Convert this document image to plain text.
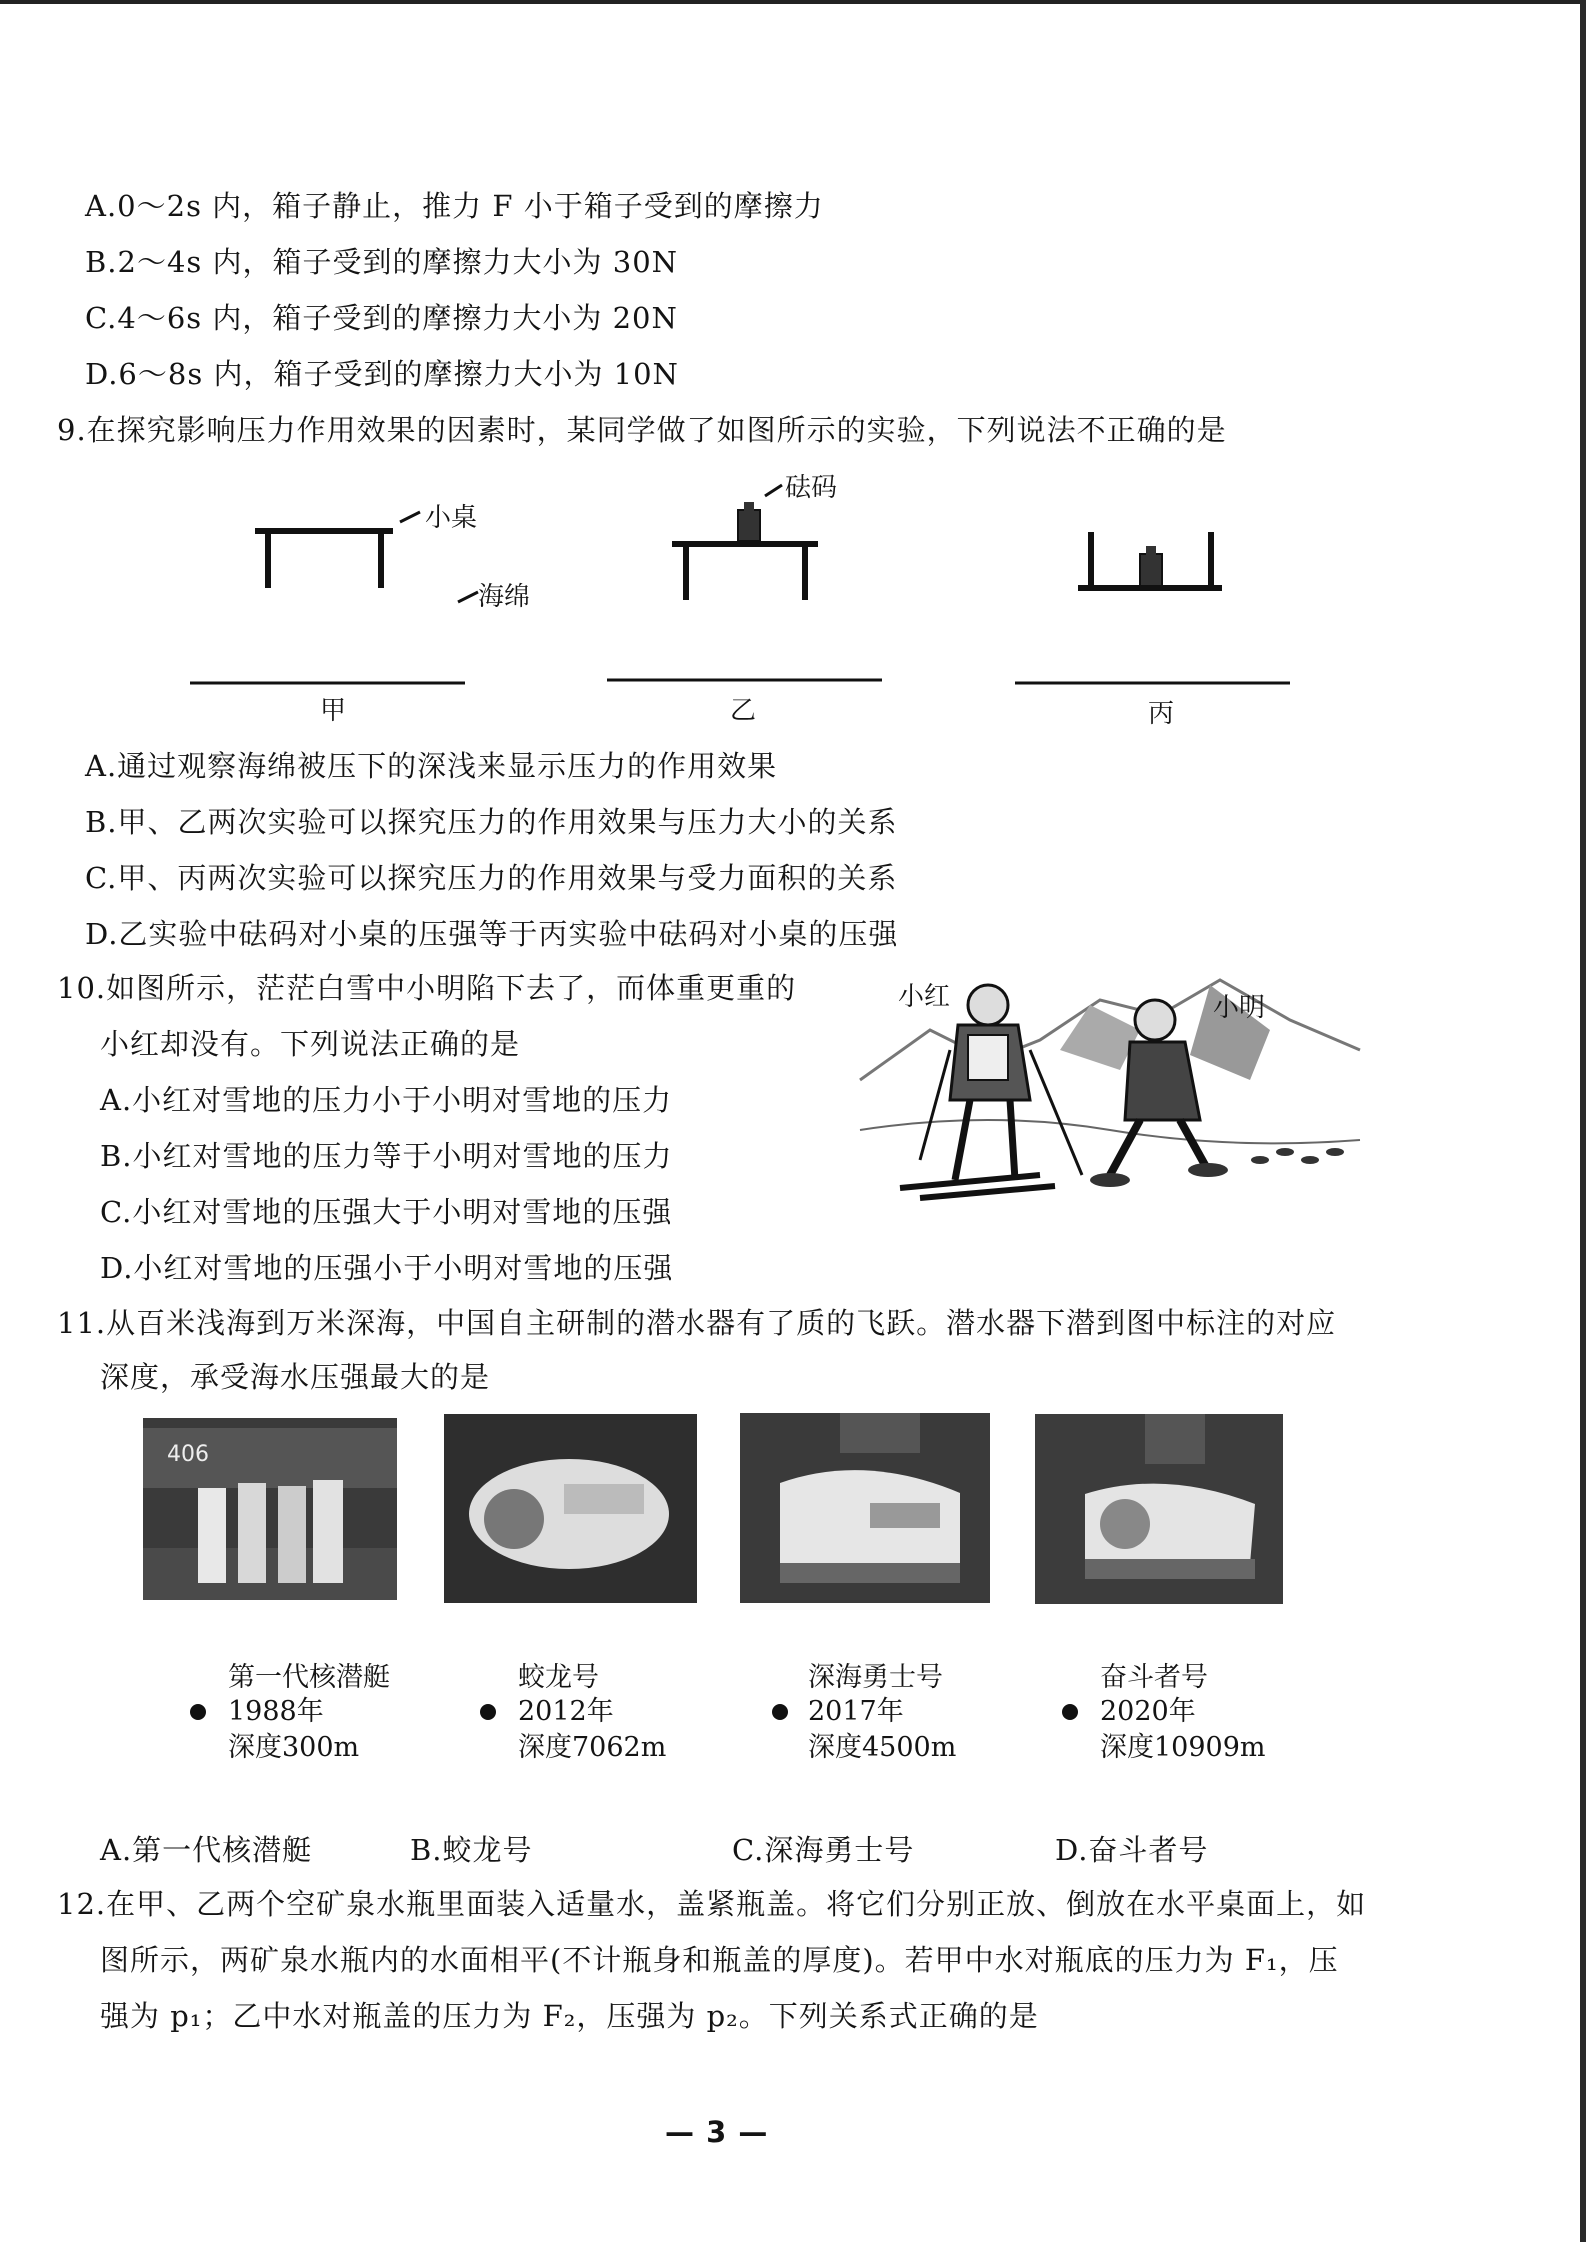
A.0～2s 内，箱子静止，推力 F 小于箱子受到的摩擦力
B.2～4s 内，箱子受到的摩擦力大小为 30N
C.4～6s 内，箱子受到的摩擦力大小为 20N
D.6～8s 内，箱子受到的摩擦力大小为 10N
9.在探究影响压力作用效果的因素时，某同学做了如图所示的实验，下列说法不正确的是
小桌
海绵
砝码
甲	乙	丙
A.通过观察海绵被压下的深浅来显示压力的作用效果
B.甲、乙两次实验可以探究压力的作用效果与压力大小的关系
C.甲、丙两次实验可以探究压力的作用效果与受力面积的关系
D.乙实验中砝码对小桌的压强等于丙实验中砝码对小桌的压强
10.如图所示，茫茫白雪中小明陷下去了，而体重更重的
小红却没有。下列说法正确的是
A.小红对雪地的压力小于小明对雪地的压力
B.小红对雪地的压力等于小明对雪地的压力
C.小红对雪地的压强大于小明对雪地的压强
D.小红对雪地的压强小于小明对雪地的压强
小红	小明
11.从百米浅海到万米深海，中国自主研制的潜水器有了质的飞跃。潜水器下潜到图中标注的对应
深度，承受海水压强最大的是
406
第一代核潜艇
1988年
深度300m
蛟龙号
2012年
深度7062m
深海勇士号
2017年
深度4500m
奋斗者号
2020年
深度10909m
A.第一代核潜艇	B.蛟龙号	C.深海勇士号	D.奋斗者号
12.在甲、乙两个空矿泉水瓶里面装入适量水，盖紧瓶盖。将它们分别正放、倒放在水平桌面上，如
图所示，两矿泉水瓶内的水面相平(不计瓶身和瓶盖的厚度)。若甲中水对瓶底的压力为 F₁，压
强为 p₁；乙中水对瓶盖的压力为 F₂，压强为 p₂。下列关系式正确的是
— 3 —
